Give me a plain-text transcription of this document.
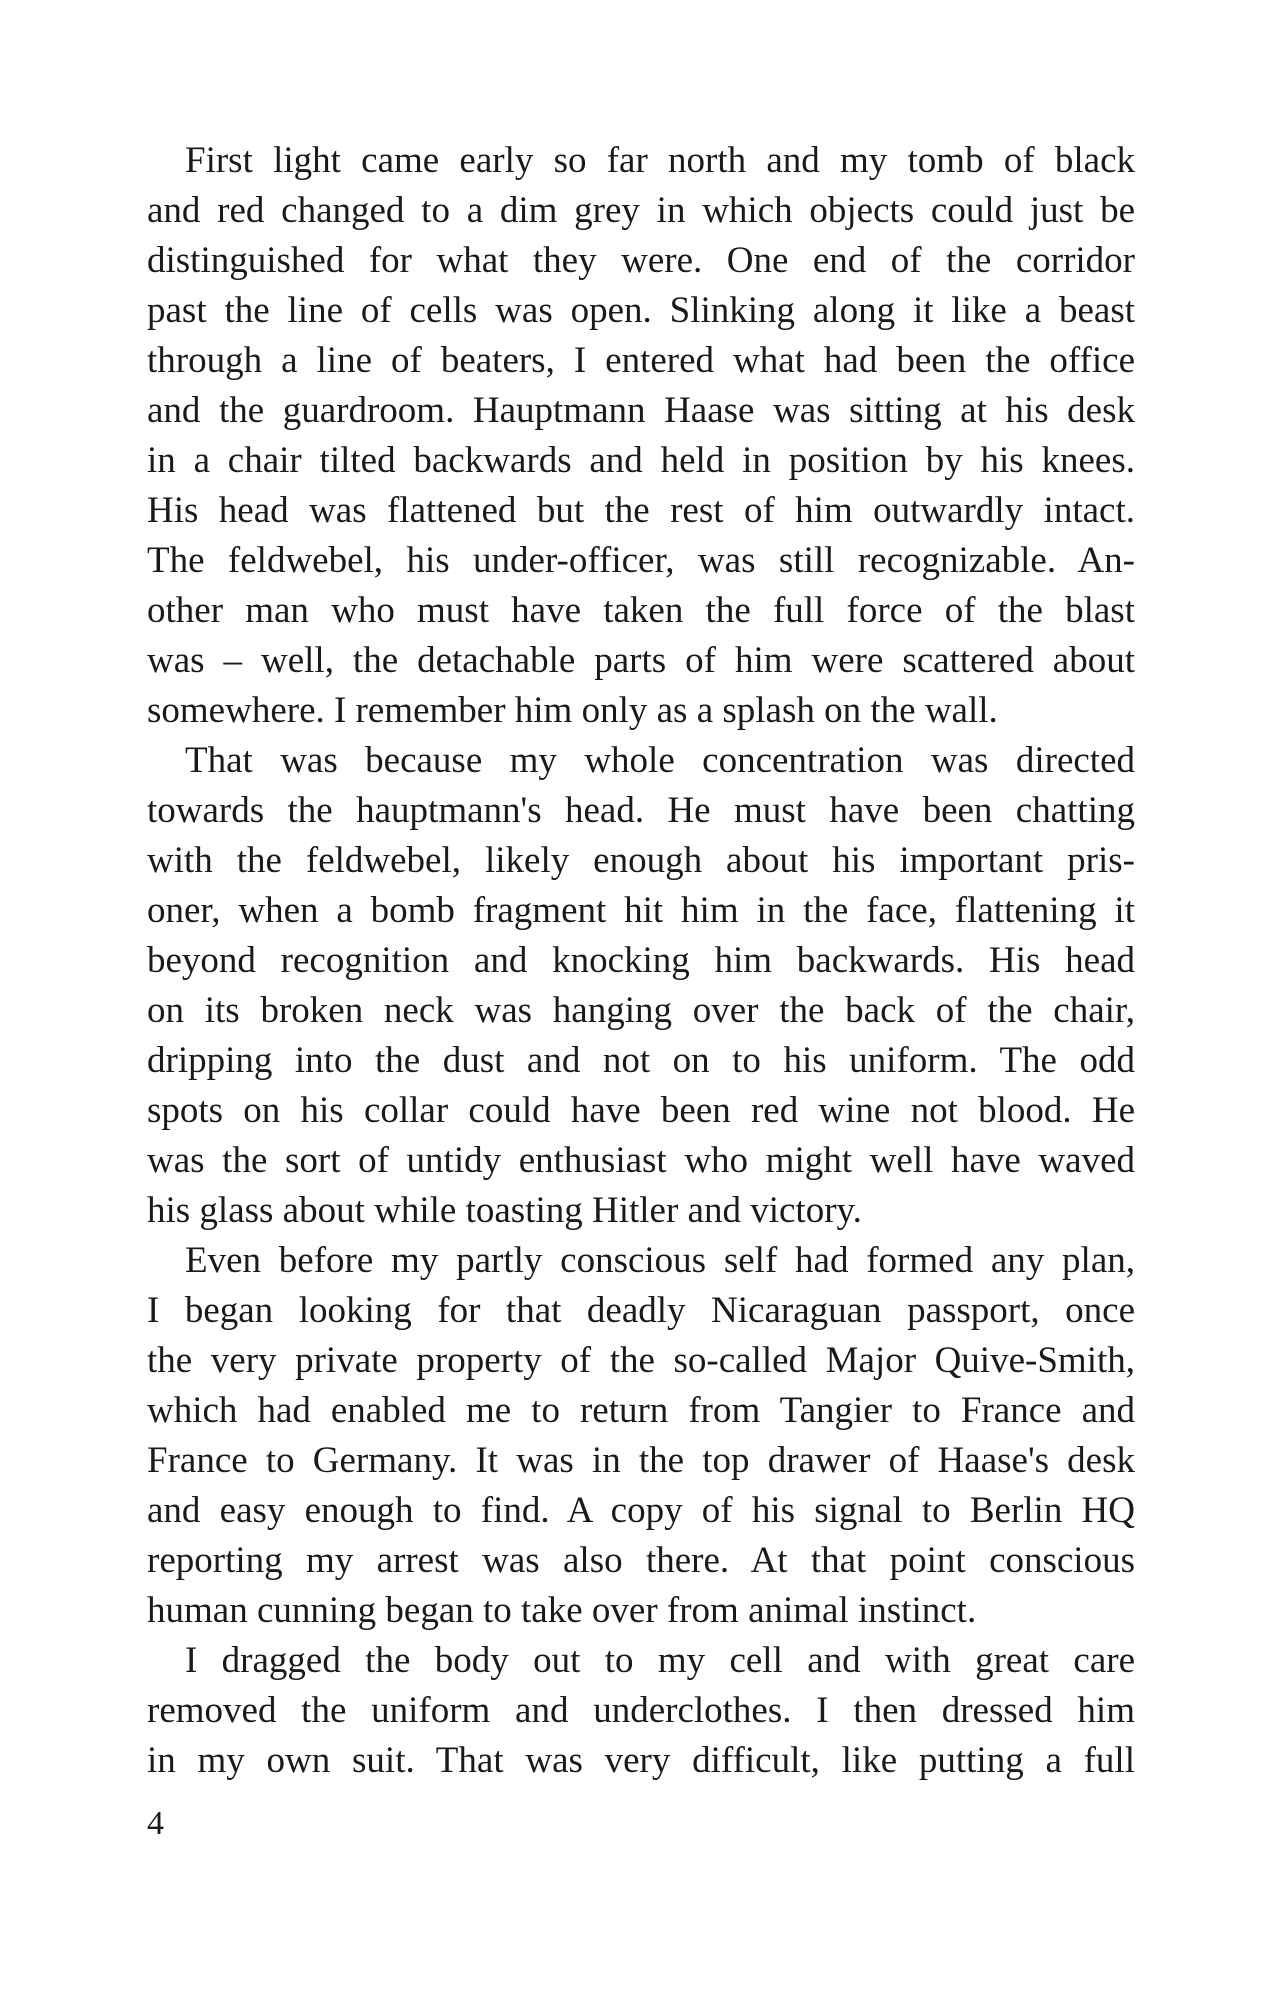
First light came early so far north and my tomb of black
and red changed to a dim grey in which objects could just be
distinguished for what they were. One end of the corridor
past the line of cells was open. Slinking along it like a beast
through a line of beaters, I entered what had been the office
and the guardroom. Hauptmann Haase was sitting at his desk
in a chair tilted backwards and held in position by his knees.
His head was flattened but the rest of him outwardly intact.
The feldwebel, his under-officer, was still recognizable. An-
other man who must have taken the full force of the blast
was – well, the detachable parts of him were scattered about
somewhere. I remember him only as a splash on the wall.
That was because my whole concentration was directed
towards the hauptmann's head. He must have been chatting
with the feldwebel, likely enough about his important pris-
oner, when a bomb fragment hit him in the face, flattening it
beyond recognition and knocking him backwards. His head
on its broken neck was hanging over the back of the chair,
dripping into the dust and not on to his uniform. The odd
spots on his collar could have been red wine not blood. He
was the sort of untidy enthusiast who might well have waved
his glass about while toasting Hitler and victory.
Even before my partly conscious self had formed any plan,
I began looking for that deadly Nicaraguan passport, once
the very private property of the so-called Major Quive-Smith,
which had enabled me to return from Tangier to France and
France to Germany. It was in the top drawer of Haase's desk
and easy enough to find. A copy of his signal to Berlin HQ
reporting my arrest was also there. At that point conscious
human cunning began to take over from animal instinct.
I dragged the body out to my cell and with great care
removed the uniform and underclothes. I then dressed him
in my own suit. That was very difficult, like putting a full
4
